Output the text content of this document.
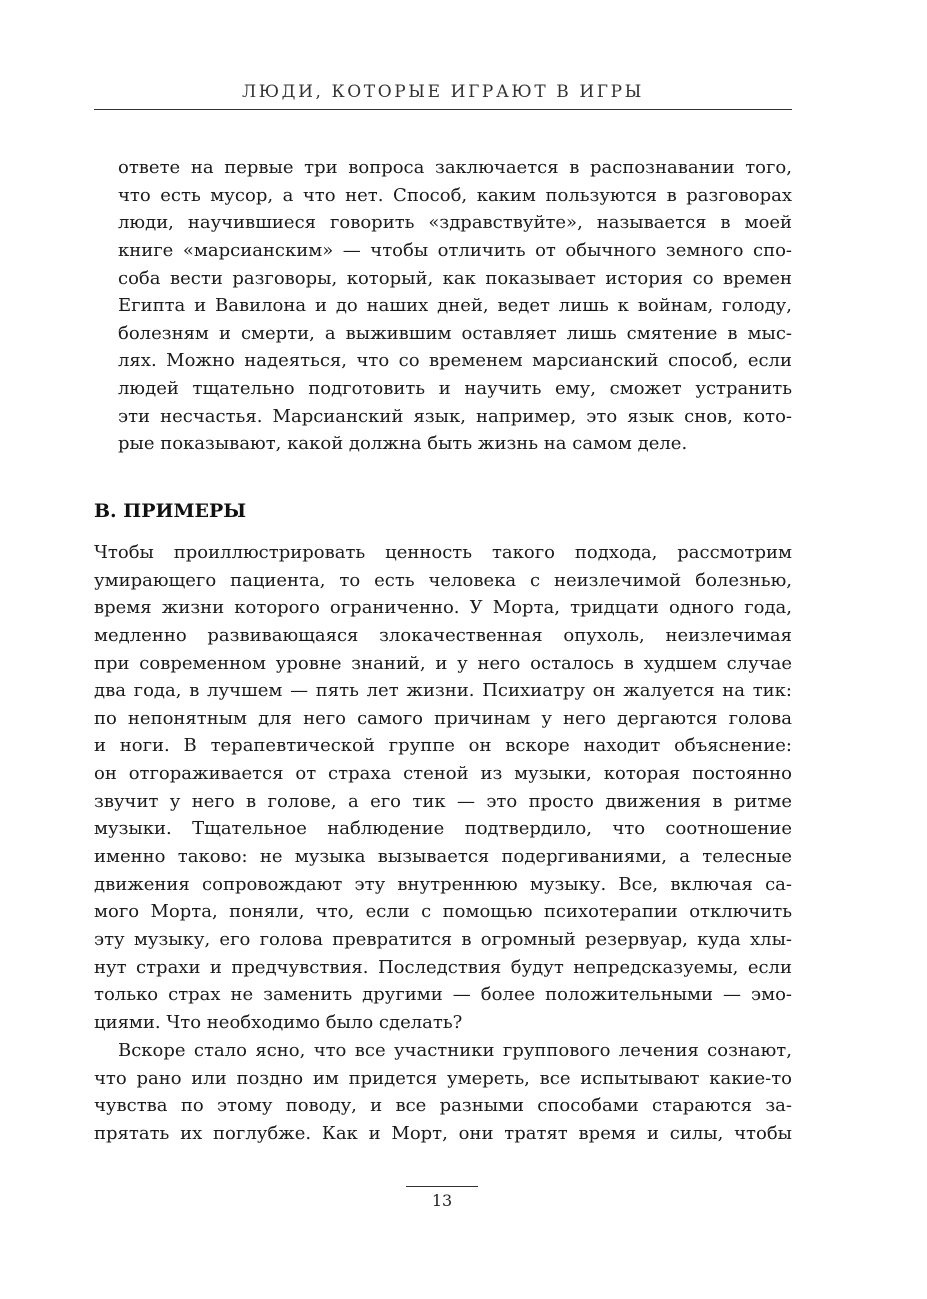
ЛЮДИ, КОТОРЫЕ ИГРАЮТ В ИГРЫ
ответе на первые три вопроса заключается в распознавании того,
что есть мусор, а что нет. Способ, каким пользуются в разговорах
люди, научившиеся говорить «здравствуйте», называется в моей
книге «марсианским» — чтобы отличить от обычного земного спо-
соба вести разговоры, который, как показывает история со времен
Египта и Вавилона и до наших дней, ведет лишь к войнам, голоду,
болезням и смерти, а выжившим оставляет лишь смятение в мыс-
лях. Можно надеяться, что со временем марсианский способ, если
людей тщательно подготовить и научить ему, сможет устранить
эти несчастья. Марсианский язык, например, это язык снов, кото-
рые показывают, какой должна быть жизнь на самом деле.
В. ПРИМЕРЫ
Чтобы проиллюстрировать ценность такого подхода, рассмотрим
умирающего пациента, то есть человека с неизлечимой болезнью,
время жизни которого ограниченно. У Морта, тридцати одного года,
медленно развивающаяся злокачественная опухоль, неизлечимая
при современном уровне знаний, и у него осталось в худшем случае
два года, в лучшем — пять лет жизни. Психиатру он жалуется на тик:
по непонятным для него самого причинам у него дергаются голова
и ноги. В терапевтической группе он вскоре находит объяснение:
он отгораживается от страха стеной из музыки, которая постоянно
звучит у него в голове, а его тик — это просто движения в ритме
музыки. Тщательное наблюдение подтвердило, что соотношение
именно таково: не музыка вызывается подергиваниями, а телесные
движения сопровождают эту внутреннюю музыку. Все, включая са-
мого Морта, поняли, что, если с помощью психотерапии отключить
эту музыку, его голова превратится в огромный резервуар, куда хлы-
нут страхи и предчувствия. Последствия будут непредсказуемы, если
только страх не заменить другими — более положительными — эмо-
циями. Что необходимо было сделать?
Вскоре стало ясно, что все участники группового лечения сознают,
что рано или поздно им придется умереть, все испытывают какие-то
чувства по этому поводу, и все разными способами стараются за-
прятать их поглубже. Как и Морт, они тратят время и силы, чтобы
13
